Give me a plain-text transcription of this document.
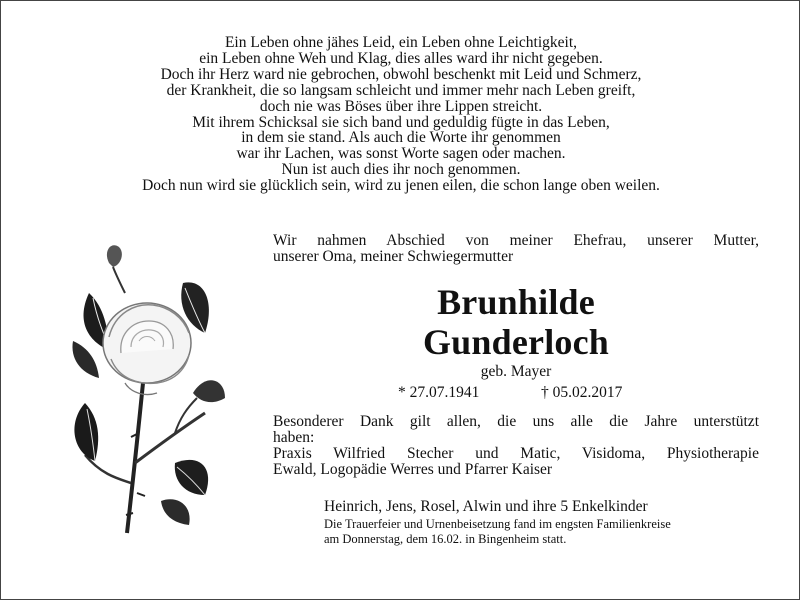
Ein Leben ohne jähes Leid, ein Leben ohne Leichtigkeit,
ein Leben ohne Weh und Klag, dies alles ward ihr nicht gegeben.
Doch ihr Herz ward nie gebrochen, obwohl beschenkt mit Leid und Schmerz,
der Krankheit, die so langsam schleicht und immer mehr nach Leben greift,
doch nie was Böses über ihre Lippen streicht.
Mit ihrem Schicksal sie sich band und geduldig fügte in das Leben,
in dem sie stand. Als auch die Worte ihr genommen
war ihr Lachen, was sonst Worte sagen oder machen.
Nun ist auch dies ihr noch genommen.
Doch nun wird sie glücklich sein, wird zu jenen eilen, die schon lange oben weilen.
Wir nahmen Abschied von meiner Ehefrau, unserer Mutter,
unserer Oma, meiner Schwiegermutter
Brunhilde
Gunderloch
geb. Mayer
* 27.07.1941	† 05.02.2017
Besonderer Dank gilt allen, die uns alle die Jahre unterstützt
haben:
Praxis Wilfried Stecher und Matic, Visidoma, Physiotherapie
Ewald, Logopädie Werres und Pfarrer Kaiser
Heinrich, Jens, Rosel, Alwin und ihre 5 Enkelkinder
Die Trauerfeier und Urnenbeisetzung fand im engsten Familienkreise
am Donnerstag, dem 16.02. in Bingenheim statt.
